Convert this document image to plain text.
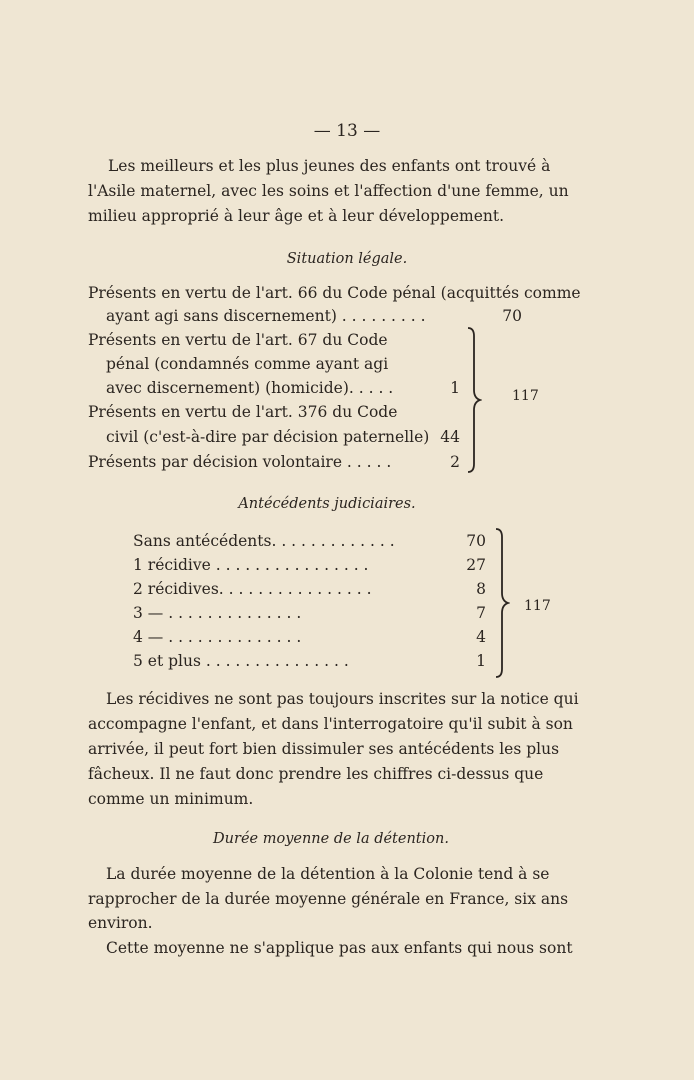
— 13 —
Les meilleurs et les plus jeunes des enfants ont trouvé à
l'Asile maternel, avec les soins et l'affection d'une femme, un
milieu approprié à leur âge et à leur développement.
Situation légale.
Présents en vertu de l'art. 66 du Code pénal (acquittés comme
ayant agi sans discernement) . . . . . . . . .	70
Présents en vertu de l'art. 67 du Code
pénal (condamnés comme ayant agi
avec discernement) (homicide). . . . .	1
Présents en vertu de l'art. 376 du Code
civil (c'est-à-dire par décision paternelle) 44
Présents par décision volontaire . . . . .	2
117
Antécédents judiciaires.
Sans antécédents. . . . . . . . . . . . .	70
1 récidive . . . . . . . . . . . . . . . .	27
2 récidives. . . . . . . . . . . . . . . .	8
3 — . . . . . . . . . . . . . .	7
4 — . . . . . . . . . . . . . .	4
5 et plus . . . . . . . . . . . . . . .	1
117
Les récidives ne sont pas toujours inscrites sur la notice qui
accompagne l'enfant, et dans l'interrogatoire qu'il subit à son
arrivée, il peut fort bien dissimuler ses antécédents les plus
fâcheux. Il ne faut donc prendre les chiffres ci-dessus que
comme un minimum.
Durée moyenne de la détention.
La durée moyenne de la détention à la Colonie tend à se
rapprocher de la durée moyenne générale en France, six ans
environ.
Cette moyenne ne s'applique pas aux enfants qui nous sont
